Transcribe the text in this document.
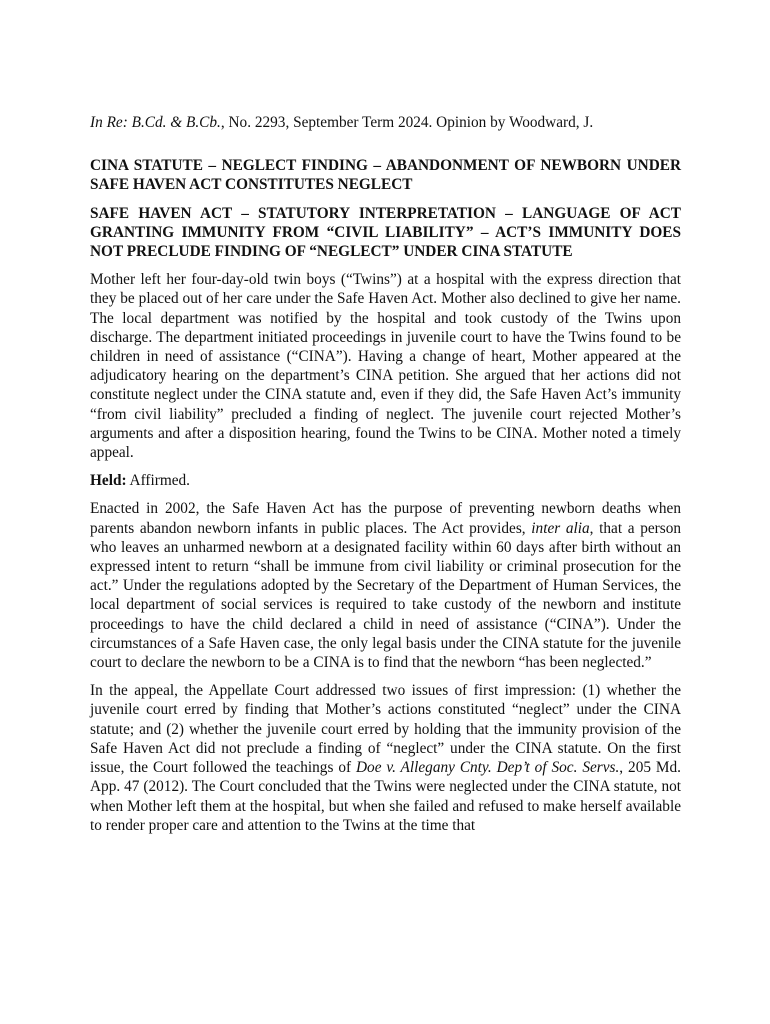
In Re: B.Cd. & B.Cb., No. 2293, September Term 2024. Opinion by Woodward, J.

CINA STATUTE – NEGLECT FINDING – ABANDONMENT OF NEWBORN UNDER SAFE HAVEN ACT CONSTITUTES NEGLECT

SAFE HAVEN ACT – STATUTORY INTERPRETATION – LANGUAGE OF ACT GRANTING IMMUNITY FROM “CIVIL LIABILITY” – ACT’S IMMUNITY DOES NOT PRECLUDE FINDING OF “NEGLECT” UNDER CINA STATUTE

Mother left her four-day-old twin boys (“Twins”) at a hospital with the express direction that they be placed out of her care under the Safe Haven Act. Mother also declined to give her name. The local department was notified by the hospital and took custody of the Twins upon discharge. The department initiated proceedings in juvenile court to have the Twins found to be children in need of assistance (“CINA”). Having a change of heart, Mother appeared at the adjudicatory hearing on the department’s CINA petition. She argued that her actions did not constitute neglect under the CINA statute and, even if they did, the Safe Haven Act’s immunity “from civil liability” precluded a finding of neglect. The juvenile court rejected Mother’s arguments and after a disposition hearing, found the Twins to be CINA. Mother noted a timely appeal.

Held: Affirmed.

Enacted in 2002, the Safe Haven Act has the purpose of preventing newborn deaths when parents abandon newborn infants in public places. The Act provides, inter alia, that a person who leaves an unharmed newborn at a designated facility within 60 days after birth without an expressed intent to return “shall be immune from civil liability or criminal prosecution for the act.” Under the regulations adopted by the Secretary of the Department of Human Services, the local department of social services is required to take custody of the newborn and institute proceedings to have the child declared a child in need of assistance (“CINA”). Under the circumstances of a Safe Haven case, the only legal basis under the CINA statute for the juvenile court to declare the newborn to be a CINA is to find that the newborn “has been neglected.”

In the appeal, the Appellate Court addressed two issues of first impression: (1) whether the juvenile court erred by finding that Mother’s actions constituted “neglect” under the CINA statute; and (2) whether the juvenile court erred by holding that the immunity provision of the Safe Haven Act did not preclude a finding of “neglect” under the CINA statute. On the first issue, the Court followed the teachings of Doe v. Allegany Cnty. Dep’t of Soc. Servs., 205 Md. App. 47 (2012). The Court concluded that the Twins were neglected under the CINA statute, not when Mother left them at the hospital, but when she failed and refused to make herself available to render proper care and attention to the Twins at the time that
